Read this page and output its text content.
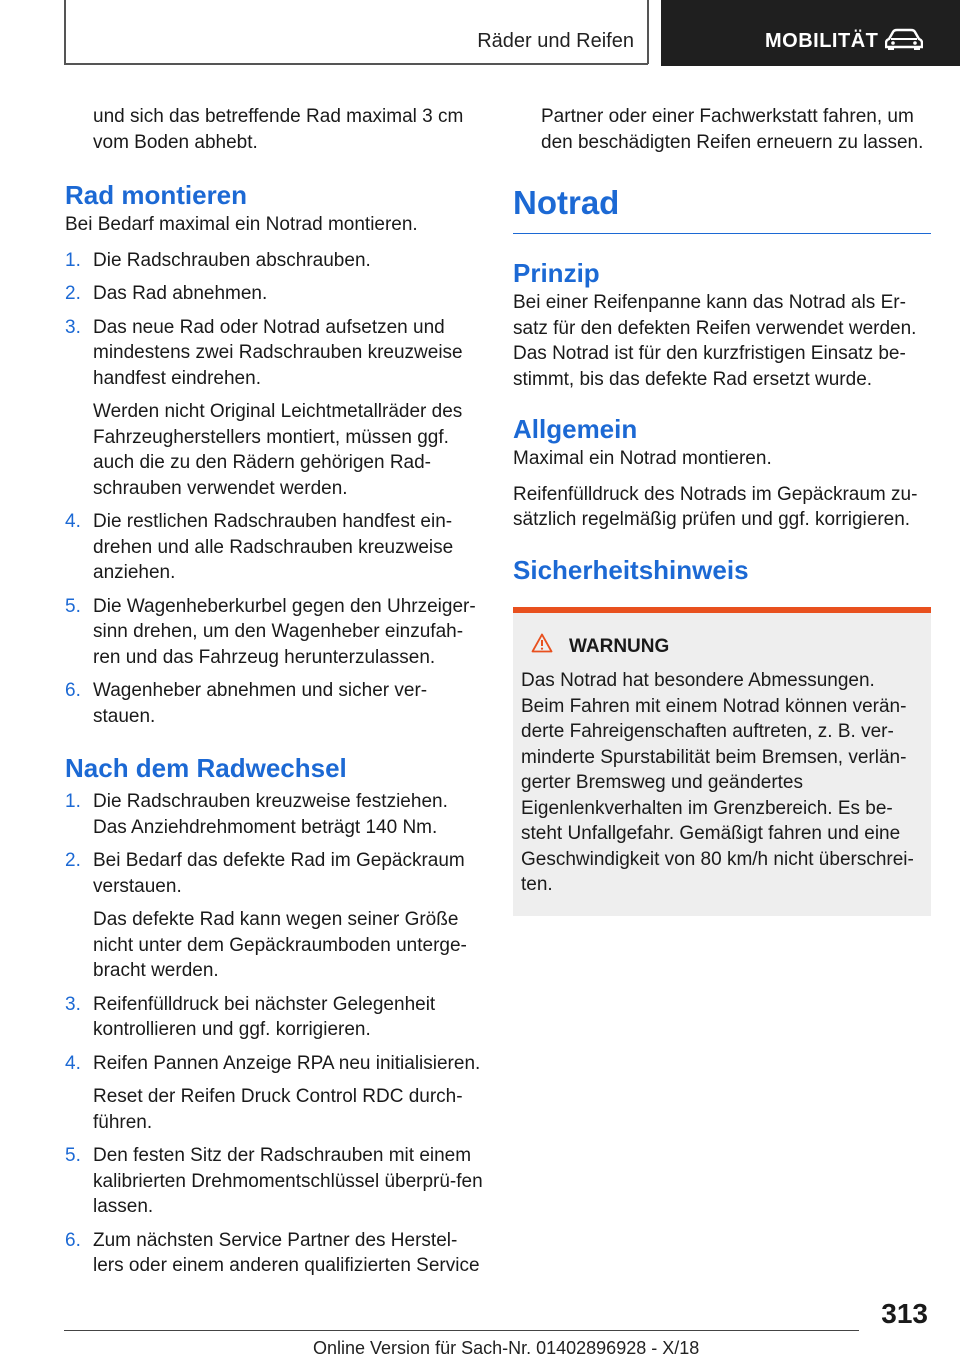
Räder und Reifen	MOBILITÄT

und sich das betreffende Rad maximal 3 cm vom Boden abhebt.

Rad montieren

Bei Bedarf maximal ein Notrad montieren.

1. Die Radschrauben abschrauben.
2. Das Rad abnehmen.
3. Das neue Rad oder Notrad aufsetzen und mindestens zwei Radschrauben kreuzweise handfest eindrehen.

Werden nicht Original Leichtmetallräder des Fahrzeugherstellers montiert, müssen ggf. auch die zu den Rädern gehörigen Rad-schrauben verwendet werden.

4. Die restlichen Radschrauben handfest ein-drehen und alle Radschrauben kreuzweise anziehen.
5. Die Wagenheberkurbel gegen den Uhrzeiger-sinn drehen, um den Wagenheber einzufah-ren und das Fahrzeug herunterzulassen.
6. Wagenheber abnehmen und sicher ver-stauen.
Nach dem Radwechsel
1. Die Radschrauben kreuzweise festziehen. Das Anziehdrehmoment beträgt 140 Nm.
2. Bei Bedarf das defekte Rad im Gepäckraum verstauen.

Das defekte Rad kann wegen seiner Größe nicht unter dem Gepäckraumboden unterge-bracht werden.

3. Reifenfülldruck bei nächster Gelegenheit kontrollieren und ggf. korrigieren.
4. Reifen Pannen Anzeige RPA neu initialisieren.

Reset der Reifen Druck Control RDC durch-führen.

5. Den festen Sitz der Radschrauben mit einem kalibrierten Drehmomentschlüssel überprü-fen lassen.
6. Zum nächsten Service Partner des Herstel-lers oder einem anderen qualifizierten Service

Partner oder einer Fachwerkstatt fahren, um den beschädigten Reifen erneuern zu lassen.

Notrad
Prinzip

Bei einer Reifenpanne kann das Notrad als Er-satz für den defekten Reifen verwendet werden. Das Notrad ist für den kurzfristigen Einsatz be-stimmt, bis das defekte Rad ersetzt wurde.

Allgemein

Maximal ein Notrad montieren.

Reifenfülldruck des Notrads im Gepäckraum zu-sätzlich regelmäßig prüfen und ggf. korrigieren.

Sicherheitshinweis
WARNUNG

Das Notrad hat besondere Abmessungen. Beim Fahren mit einem Notrad können verän-derte Fahreigenschaften auftreten, z. B. ver-minderte Spurstabilität beim Bremsen, verlän-gerter Bremsweg und geändertes Eigenlenkverhalten im Grenzbereich. Es be-steht Unfallgefahr. Gemäßigt fahren und eine Geschwindigkeit von 80 km/h nicht überschrei-ten.

313
Online Version für Sach-Nr. 01402896928 - X/18
